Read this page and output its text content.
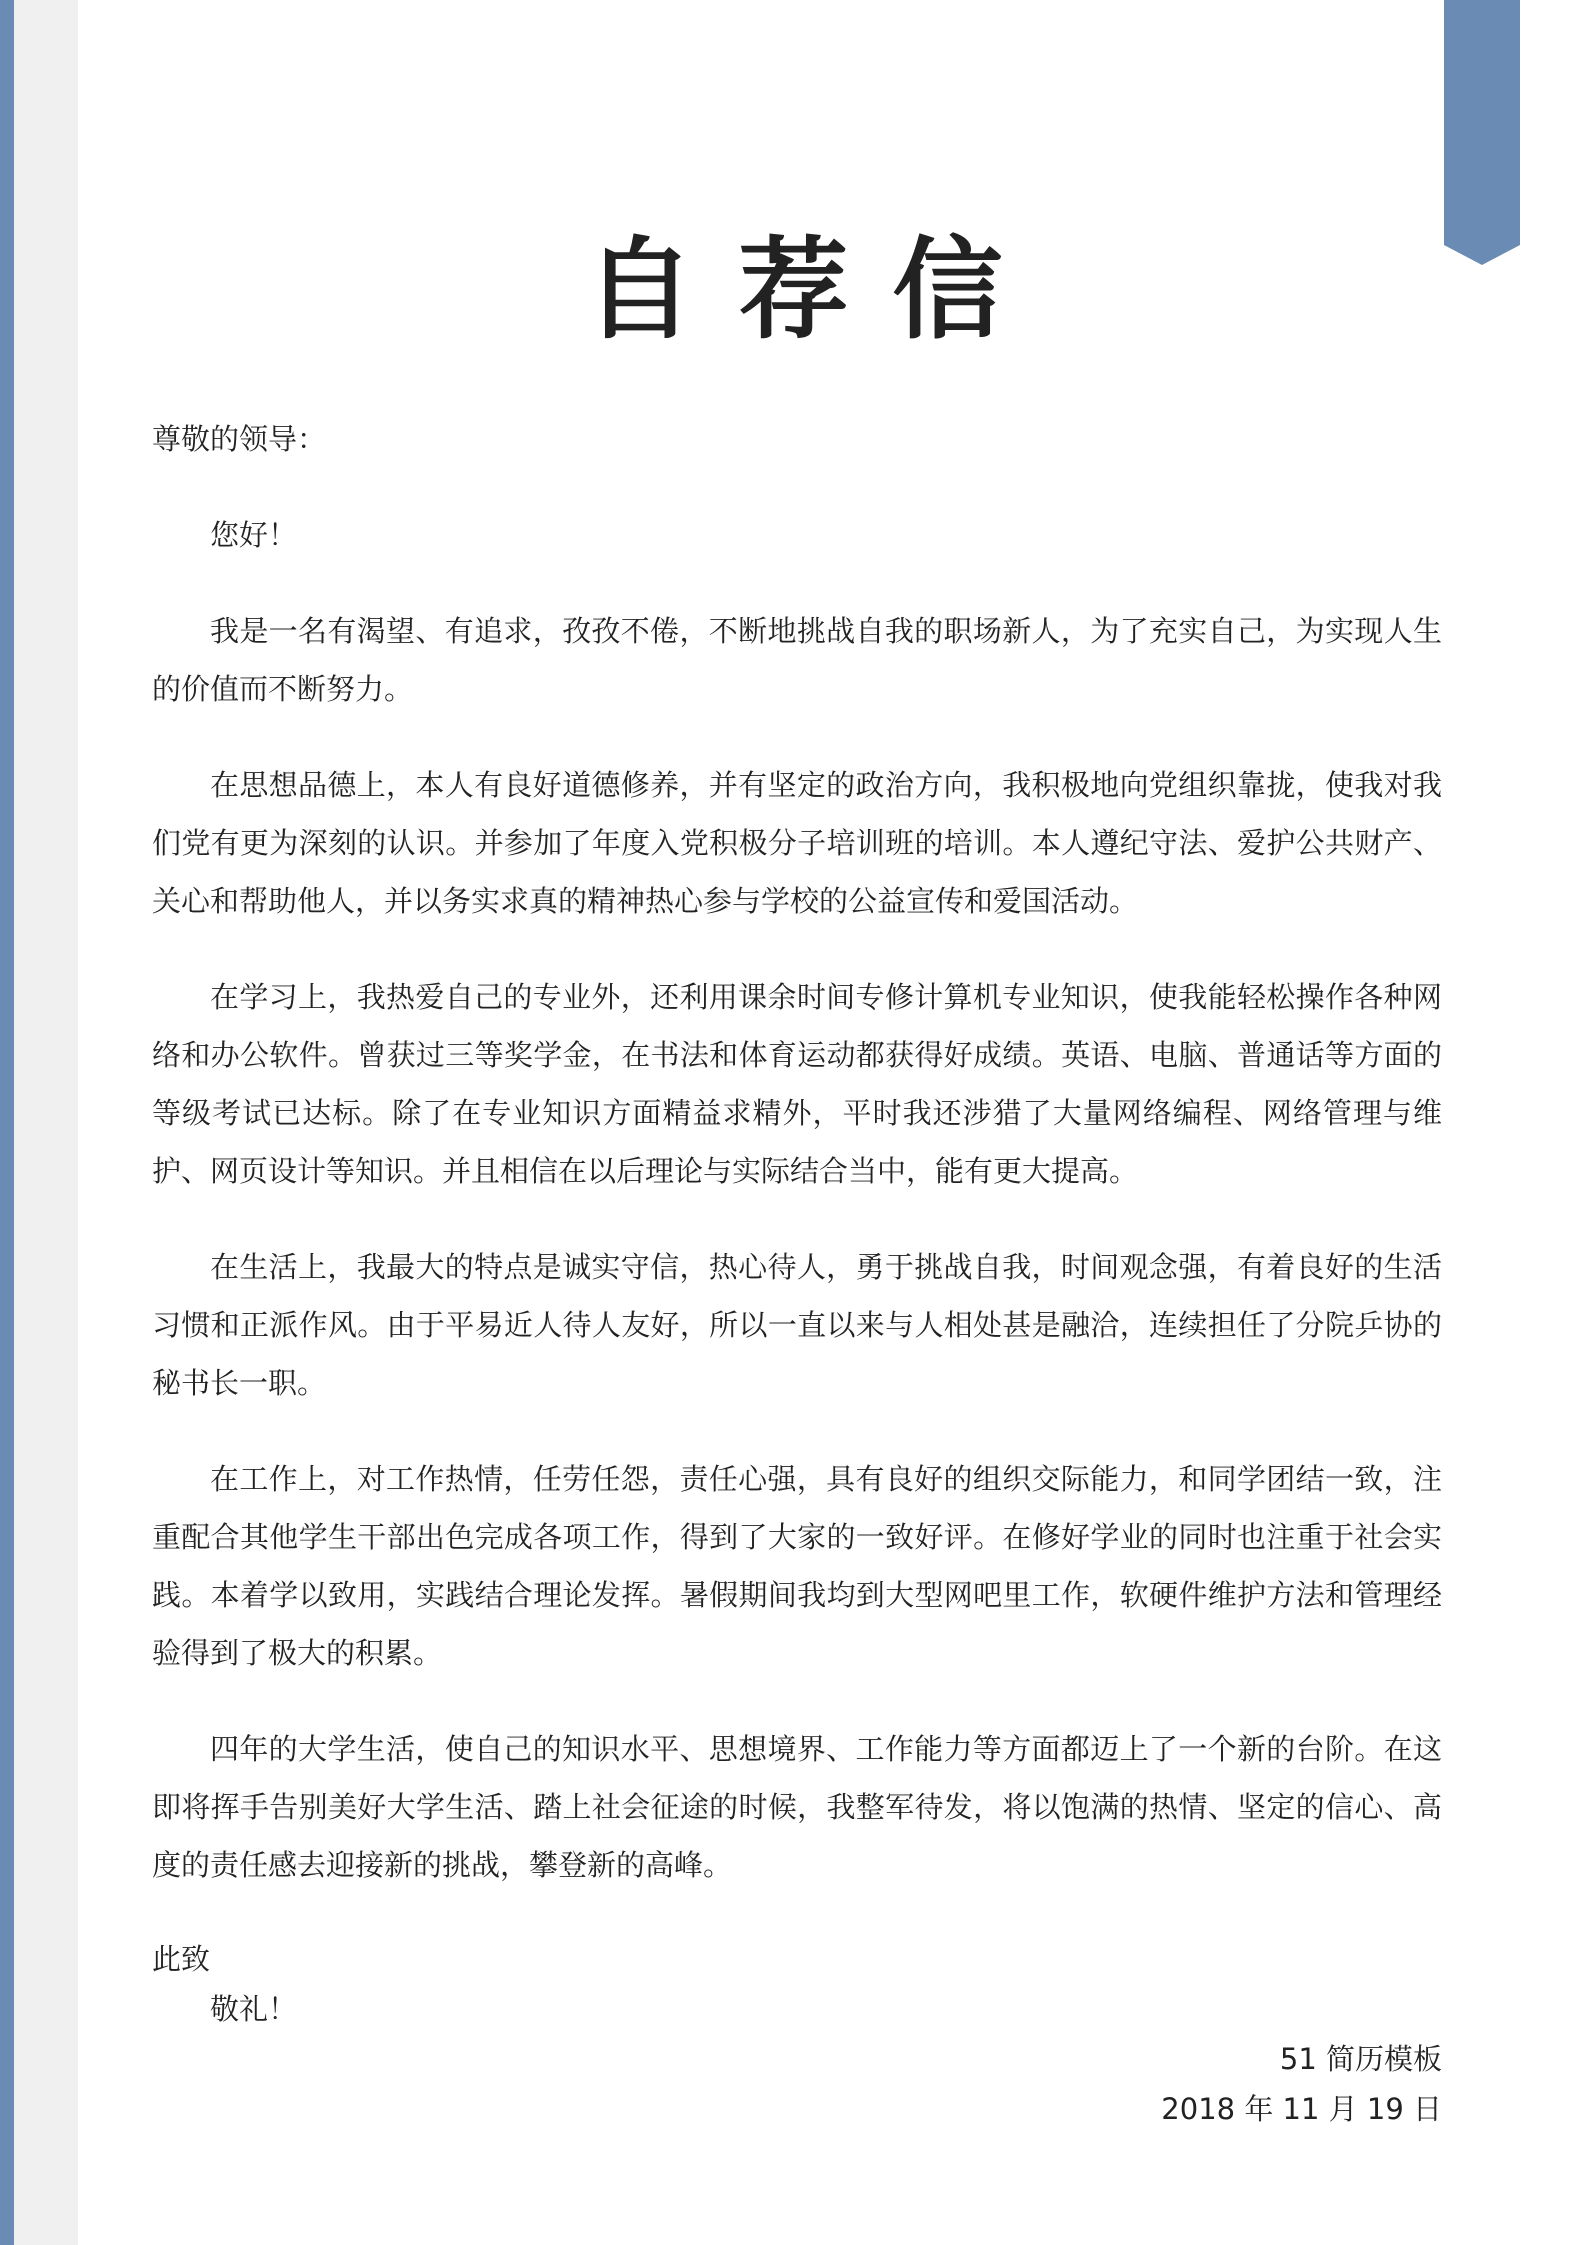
自荐信

尊敬的领导：

您好！

我是一名有渴望、有追求，孜孜不倦，不断地挑战自我的职场新人，为了充实自己，为实现人生的价值而不断努力。

在思想品德上，本人有良好道德修养，并有坚定的政治方向，我积极地向党组织靠拢，使我对我们党有更为深刻的认识。并参加了年度入党积极分子培训班的培训。本人遵纪守法、爱护公共财产、关心和帮助他人，并以务实求真的精神热心参与学校的公益宣传和爱国活动。

在学习上，我热爱自己的专业外，还利用课余时间专修计算机专业知识，使我能轻松操作各种网络和办公软件。曾获过三等奖学金，在书法和体育运动都获得好成绩。英语、电脑、普通话等方面的等级考试已达标。除了在专业知识方面精益求精外，平时我还涉猎了大量网络编程、网络管理与维护、网页设计等知识。并且相信在以后理论与实际结合当中，能有更大提高。

在生活上，我最大的特点是诚实守信，热心待人，勇于挑战自我，时间观念强，有着良好的生活习惯和正派作风。由于平易近人待人友好，所以一直以来与人相处甚是融洽，连续担任了分院乒协的秘书长一职。

在工作上，对工作热情，任劳任怨，责任心强，具有良好的组织交际能力，和同学团结一致，注重配合其他学生干部出色完成各项工作，得到了大家的一致好评。在修好学业的同时也注重于社会实践。本着学以致用，实践结合理论发挥。暑假期间我均到大型网吧里工作，软硬件维护方法和管理经验得到了极大的积累。

四年的大学生活，使自己的知识水平、思想境界、工作能力等方面都迈上了一个新的台阶。在这即将挥手告别美好大学生活、踏上社会征途的时候，我整军待发，将以饱满的热情、坚定的信心、高度的责任感去迎接新的挑战，攀登新的高峰。

此致

敬礼！

51 简历模板

2018 年 11 月 19 日
